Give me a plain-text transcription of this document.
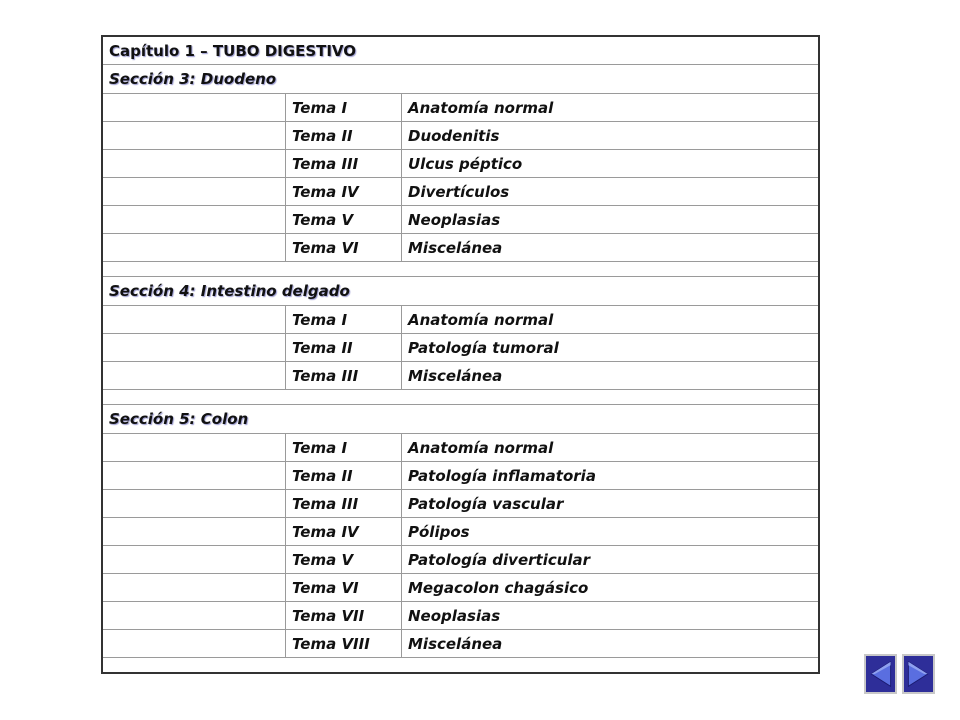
Capítulo 1 – TUBO DIGESTIVO		
Sección 3: Duodeno		
	Tema I	Anatomía normal
	Tema II	Duodenitis
	Tema III	Ulcus péptico
	Tema IV	Divertículos
	Tema V	Neoplasias
	Tema VI	Miscelánea

Sección 4: Intestino delgado		
	Tema I	Anatomía normal
	Tema II	Patología tumoral
	Tema III	Miscelánea

Sección 5: Colon		
	Tema I	Anatomía normal
	Tema II	Patología inflamatoria
	Tema III	Patología vascular
	Tema IV	Pólipos
	Tema V	Patología diverticular
	Tema VI	Megacolon chagásico
	Tema VII	Neoplasias
	Tema VIII	Miscelánea
